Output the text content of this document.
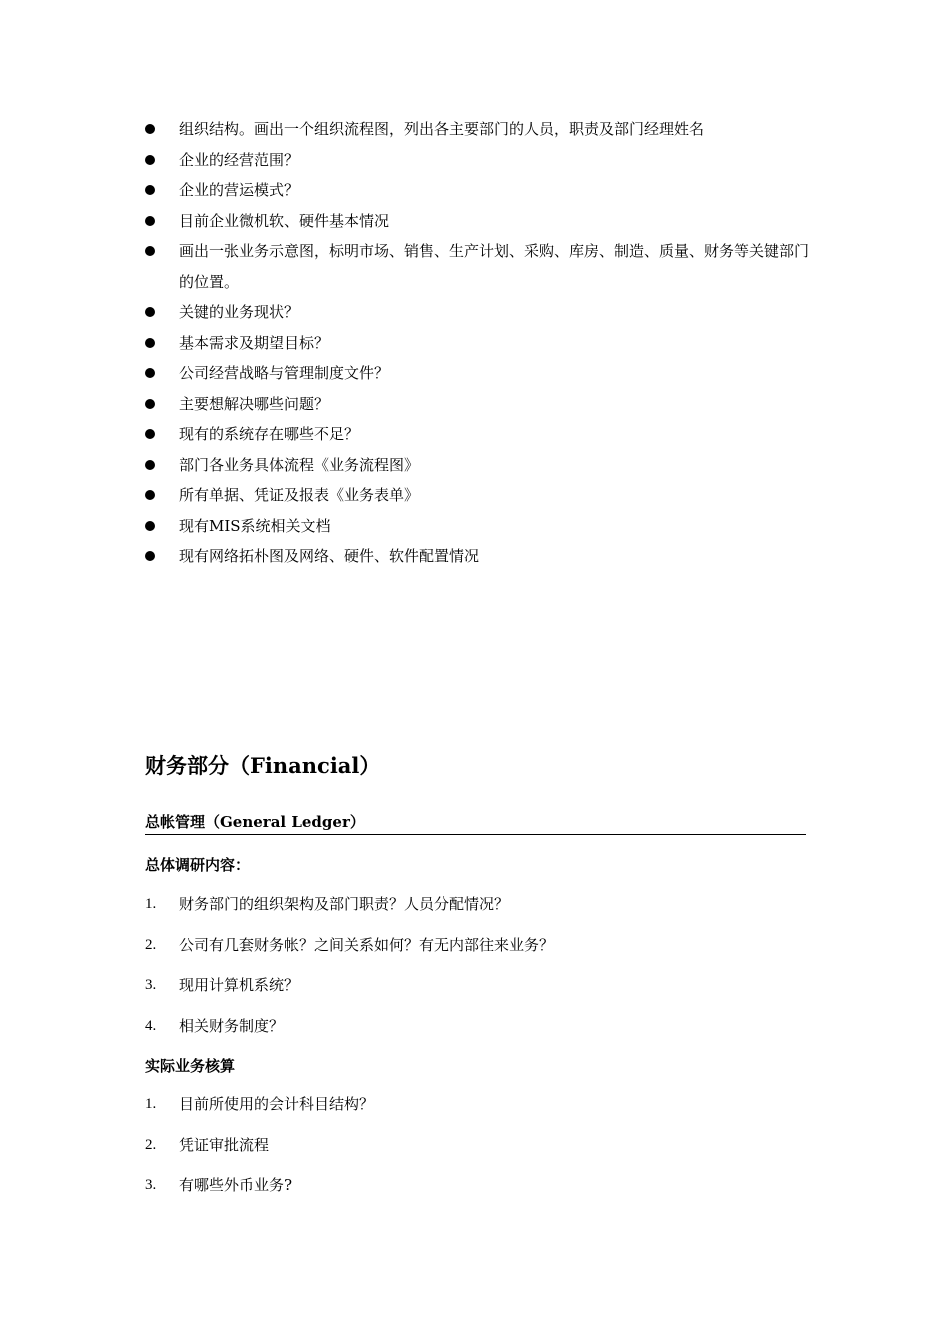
组织结构。画出一个组织流程图，列出各主要部门的人员，职责及部门经理姓名
企业的经营范围？
企业的营运模式？
目前企业微机软、硬件基本情况
画出一张业务示意图，标明市场、销售、生产计划、采购、库房、制造、质量、财务等关键部门的位置。
关键的业务现状？
基本需求及期望目标？
公司经营战略与管理制度文件？
主要想解决哪些问题？
现有的系统存在哪些不足？
部门各业务具体流程《业务流程图》
所有单据、凭证及报表《业务表单》
现有MIS系统相关文档
现有网络拓朴图及网络、硬件、软件配置情况
财务部分（Financial）
总帐管理（General Ledger）
总体调研内容：
1. 财务部门的组织架构及部门职责？人员分配情况？
2. 公司有几套财务帐？之间关系如何？有无内部往来业务？
3. 现用计算机系统？
4. 相关财务制度？
实际业务核算
1. 目前所使用的会计科目结构？
2. 凭证审批流程
3. 有哪些外币业务?
